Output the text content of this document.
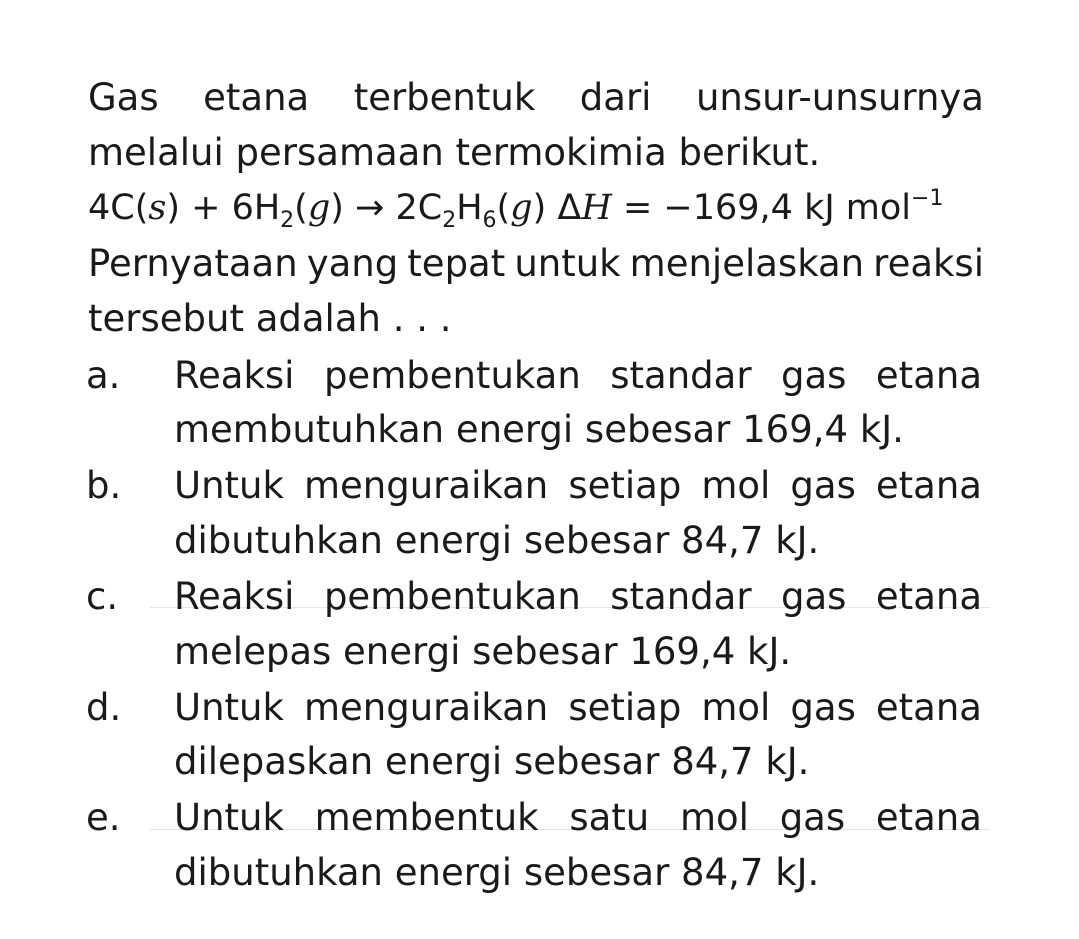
Gas etana terbentuk dari unsur-unsurnya
melalui persamaan termokimia berikut.
$4C(s) + 6H_2(g) \to 2C_2H_6(g) \Delta H = -169,4$ kJ mol$^{-1}$
Pernyataan yang tepat untuk menjelaskan reaksi
tersebut adalah . . .
a. Reaksi pembentukan standar gas etana
membutuhkan energi sebesar 169,4 kJ.
b. Untuk menguraikan setiap mol gas etana
dibutuhkan energi sebesar 84,7 kJ.
c. Reaksi pembentukan standar gas etana
melepas energi sebesar 169,4 kJ.
d. Untuk menguraikan setiap mol gas etana
dilepaskan energi sebesar 84,7 kJ.
e. Untuk membentuk satu mol gas etana
dibutuhkan energi sebesar 84,7 kJ.
